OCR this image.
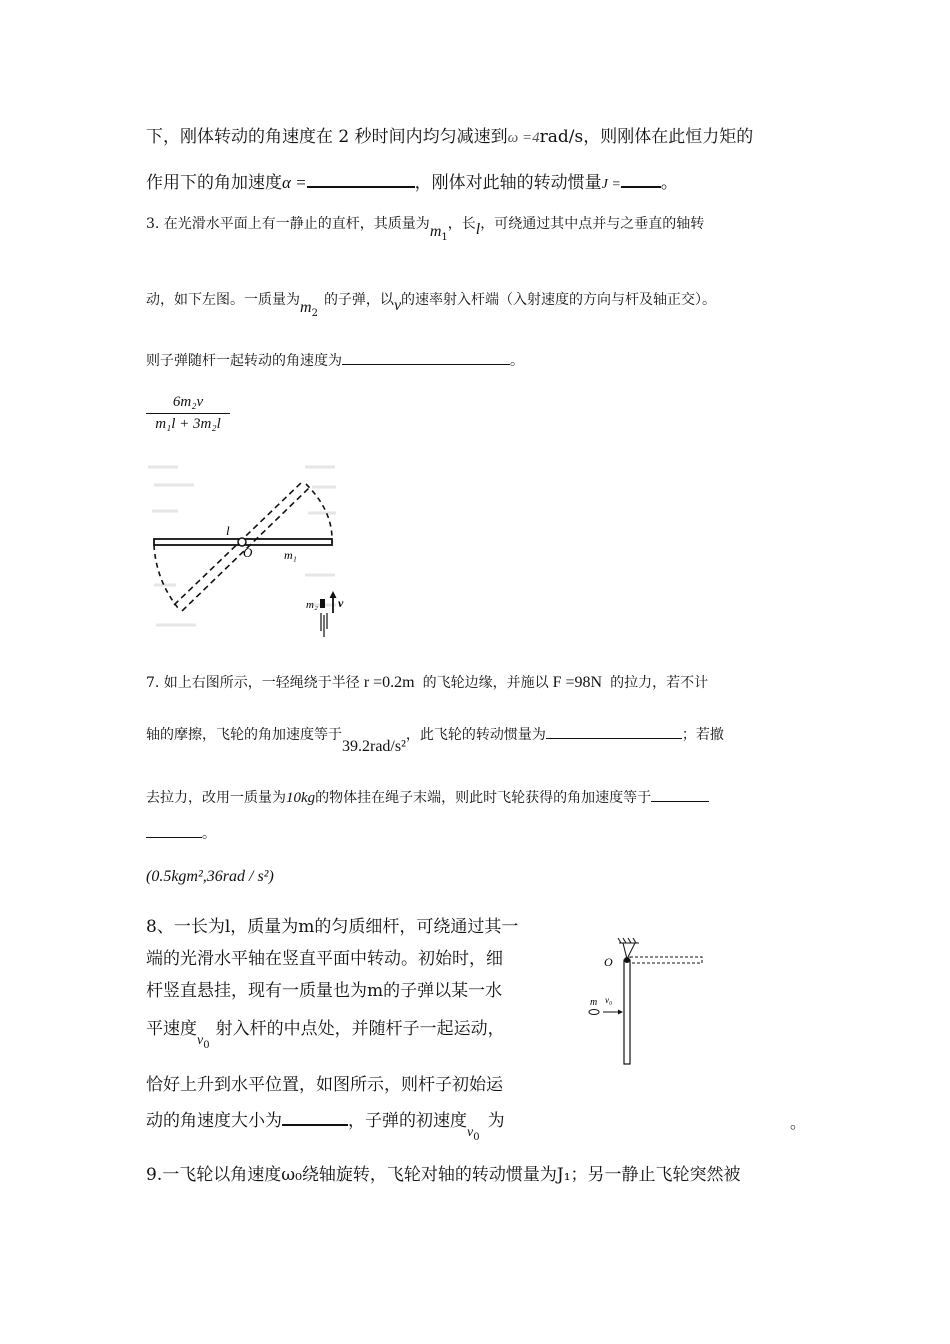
下，刚体转动的角速度在 2 秒时间内均匀减速到ω =4rad/s，则刚体在此恒力矩的
作用下的角加速度α =	，刚体对此轴的转动惯量J = 。
3. 在光滑水平面上有一静止的直杆，其质量为$m_1$，长l，可绕通过其中点并与之垂直的轴转
动，如下左图。一质量为$m_2$的子弹，以v的速率射入杆端（入射速度的方向与杆及轴正交）。
则子弹随杆一起转动的角速度为	。
6m₂v
m₁l + 3m₂l
l
O	m₁
m₂ v
7. 如上右图所示，一轻绳绕于半径 r =0.2m 的飞轮边缘，并施以 F =98N 的拉力，若不计
轴的摩擦，飞轮的角加速度等于39.2rad/s²，此飞轮的转动惯量为	；若撤
去拉力，改用一质量为10kg的物体挂在绳子末端，则此时飞轮获得的角加速度等于
。
(0.5kgm²,36rad / s²)
8、一长为l，质量为m的匀质细杆，可绕通过其一
端的光滑水平轴在竖直平面中转动。初始时，细
杆竖直悬挂，现有一质量也为m的子弹以某一水
平速度$_{v0}$射入杆的中点处，并随杆子一起运动，
恰好上升到水平位置，如图所示，则杆子初始运
动的角速度大小为	，子弹的初速度$_{v0}$为	。
O
m v₀
9.一飞轮以角速度ω₀绕轴旋转，飞轮对轴的转动惯量为J₁；另一静止飞轮突然被
